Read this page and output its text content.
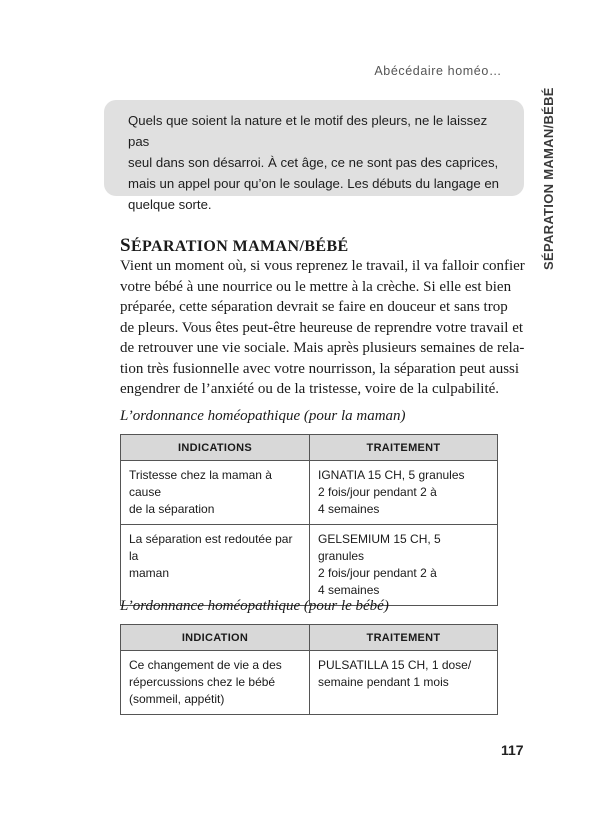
Abécédaire homéo…
SÉPARATION MAMAN/BÉBÉ
Quels que soient la nature et le motif des pleurs, ne le laissez pas
seul dans son désarroi. À cet âge, ce ne sont pas des caprices,
mais un appel pour qu’on le soulage. Les débuts du langage en
quelque sorte.
SÉPARATION MAMAN/BÉBÉ
Vient un moment où, si vous reprenez le travail, il va falloir confier
votre bébé à une nourrice ou le mettre à la crèche. Si elle est bien
préparée, cette séparation devrait se faire en douceur et sans trop
de pleurs. Vous êtes peut-être heureuse de reprendre votre travail et
de retrouver une vie sociale. Mais après plusieurs semaines de rela-
tion très fusionnelle avec votre nourrisson, la séparation peut aussi
engendrer de l’anxiété ou de la tristesse, voire de la culpabilité.
L’ordonnance homéopathique (pour la maman)
INDICATIONS	TRAITEMENT

Tristesse chez la maman à cause
de la séparation	IGNATIA 15 CH, 5 granules
2 fois/jour pendant 2 à
4 semaines

La séparation est redoutée par la
maman	GELSEMIUM 15 CH, 5 granules
2 fois/jour pendant 2 à
4 semaines
L’ordonnance homéopathique (pour le bébé)
INDICATION	TRAITEMENT

Ce changement de vie a des
répercussions chez le bébé
(sommeil, appétit)	PULSATILLA 15 CH, 1 dose/
semaine pendant 1 mois
117
